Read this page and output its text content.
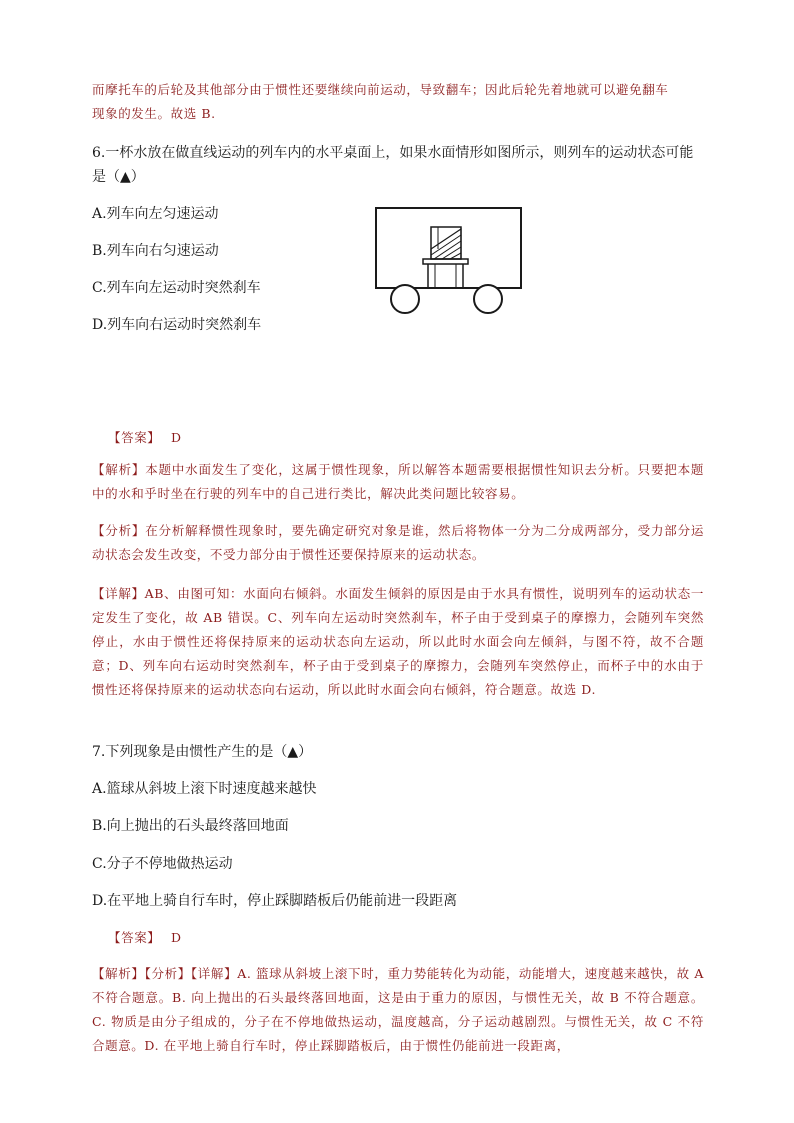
而摩托车的后轮及其他部分由于惯性还要继续向前运动，导致翻车；因此后轮先着地就可以避免翻车
现象的发生。故选 B.
6.一杯水放在做直线运动的列车内的水平桌面上，如果水面情形如图所示，则列车的运动状态可能
是（▲）
A.列车向左匀速运动
B.列车向右匀速运动
C.列车向左运动时突然刹车
D.列车向右运动时突然刹车
【答案】 D
【解析】本题中水面发生了变化，这属于惯性现象，所以解答本题需要根据惯性知识去分析。只要把本题中的水和乎时坐在行驶的列车中的自己进行类比，解决此类问题比较容易。
【分析】在分析解释惯性现象时，要先确定研究对象是谁，然后将物体一分为二分成两部分，受力部分运动状态会发生改变，不受力部分由于惯性还要保持原来的运动状态。
【详解】AB、由图可知：水面向右倾斜。水面发生倾斜的原因是由于水具有惯性，说明列车的运动状态一定发生了变化，故 AB 错误。C、列车向左运动时突然刹车，杯子由于受到桌子的摩擦力，会随列车突然停止，水由于惯性还将保持原来的运动状态向左运动，所以此时水面会向左倾斜，与图不符，故不合题意；D、列车向右运动时突然刹车，杯子由于受到桌子的摩擦力，会随列车突然停止，而杯子中的水由于惯性还将保持原来的运动状态向右运动，所以此时水面会向右倾斜，符合题意。故选 D.
7.下列现象是由惯性产生的是（▲）
A.篮球从斜坡上滚下时速度越来越快
B.向上抛出的石头最终落回地面
C.分子不停地做热运动
D.在平地上骑自行车时，停止踩脚踏板后仍能前进一段距离
【答案】 D
【解析】【分析】【详解】A. 篮球从斜坡上滚下时，重力势能转化为动能，动能增大，速度越来越快，故 A 不符合题意。B. 向上抛出的石头最终落回地面，这是由于重力的原因，与惯性无关，故 B 不符合题意。C. 物质是由分子组成的，分子在不停地做热运动，温度越高，分子运动越剧烈。与惯性无关，故 C 不符合题意。D. 在平地上骑自行车时，停止踩脚踏板后，由于惯性仍能前进一段距离，
